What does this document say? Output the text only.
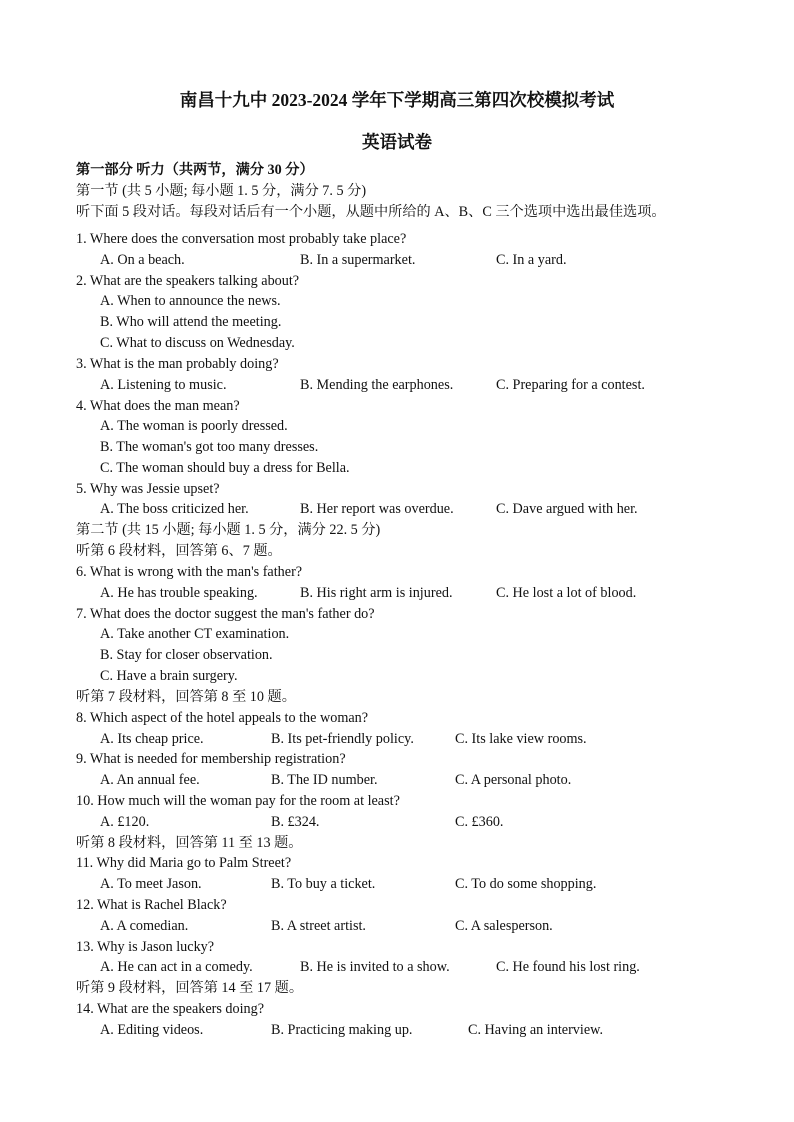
南昌十九中 2023-2024 学年下学期高三第四次校模拟考试
英语试卷
第一部分 听力（共两节，满分 30 分）
第一节 (共 5 小题; 每小题 1. 5 分，满分 7. 5 分)
听下面 5 段对话。每段对话后有一个小题，从题中所给的 A、B、C 三个选项中选出最佳选项。
1. Where does the conversation most probably take place?
A. On a beach.	B. In a supermarket.	C. In a yard.
2. What are the speakers talking about?
A. When to announce the news.
B. Who will attend the meeting.
C. What to discuss on Wednesday.
3. What is the man probably doing?
A. Listening to music.	B. Mending the earphones.	C. Preparing for a contest.
4. What does the man mean?
A. The woman is poorly dressed.
B. The woman's got too many dresses.
C. The woman should buy a dress for Bella.
5. Why was Jessie upset?
A. The boss criticized her.	B. Her report was overdue.	C. Dave argued with her.
第二节 (共 15 小题; 每小题 1. 5 分，满分 22. 5 分)
听第 6 段材料，回答第 6、7 题。
6. What is wrong with the man's father?
A. He has trouble speaking.	B. His right arm is injured.	C. He lost a lot of blood.
7. What does the doctor suggest the man's father do?
A. Take another CT examination.
B. Stay for closer observation.
C. Have a brain surgery.
听第 7 段材料，回答第 8 至 10 题。
8. Which aspect of the hotel appeals to the woman?
A. Its cheap price.	B. Its pet-friendly policy.	C. Its lake view rooms.
9. What is needed for membership registration?
A. An annual fee.	B. The ID number.	C. A personal photo.
10. How much will the woman pay for the room at least?
A. £120.	B. £324.	C. £360.
听第 8 段材料，回答第 11 至 13 题。
11. Why did Maria go to Palm Street?
A. To meet Jason.	B. To buy a ticket.	C. To do some shopping.
12. What is Rachel Black?
A. A comedian.	B. A street artist.	C. A salesperson.
13. Why is Jason lucky?
A. He can act in a comedy.	B. He is invited to a show.	C. He found his lost ring.
听第 9 段材料，回答第 14 至 17 题。
14. What are the speakers doing?
A. Editing videos.	B. Practicing making up.	C. Having an interview.
